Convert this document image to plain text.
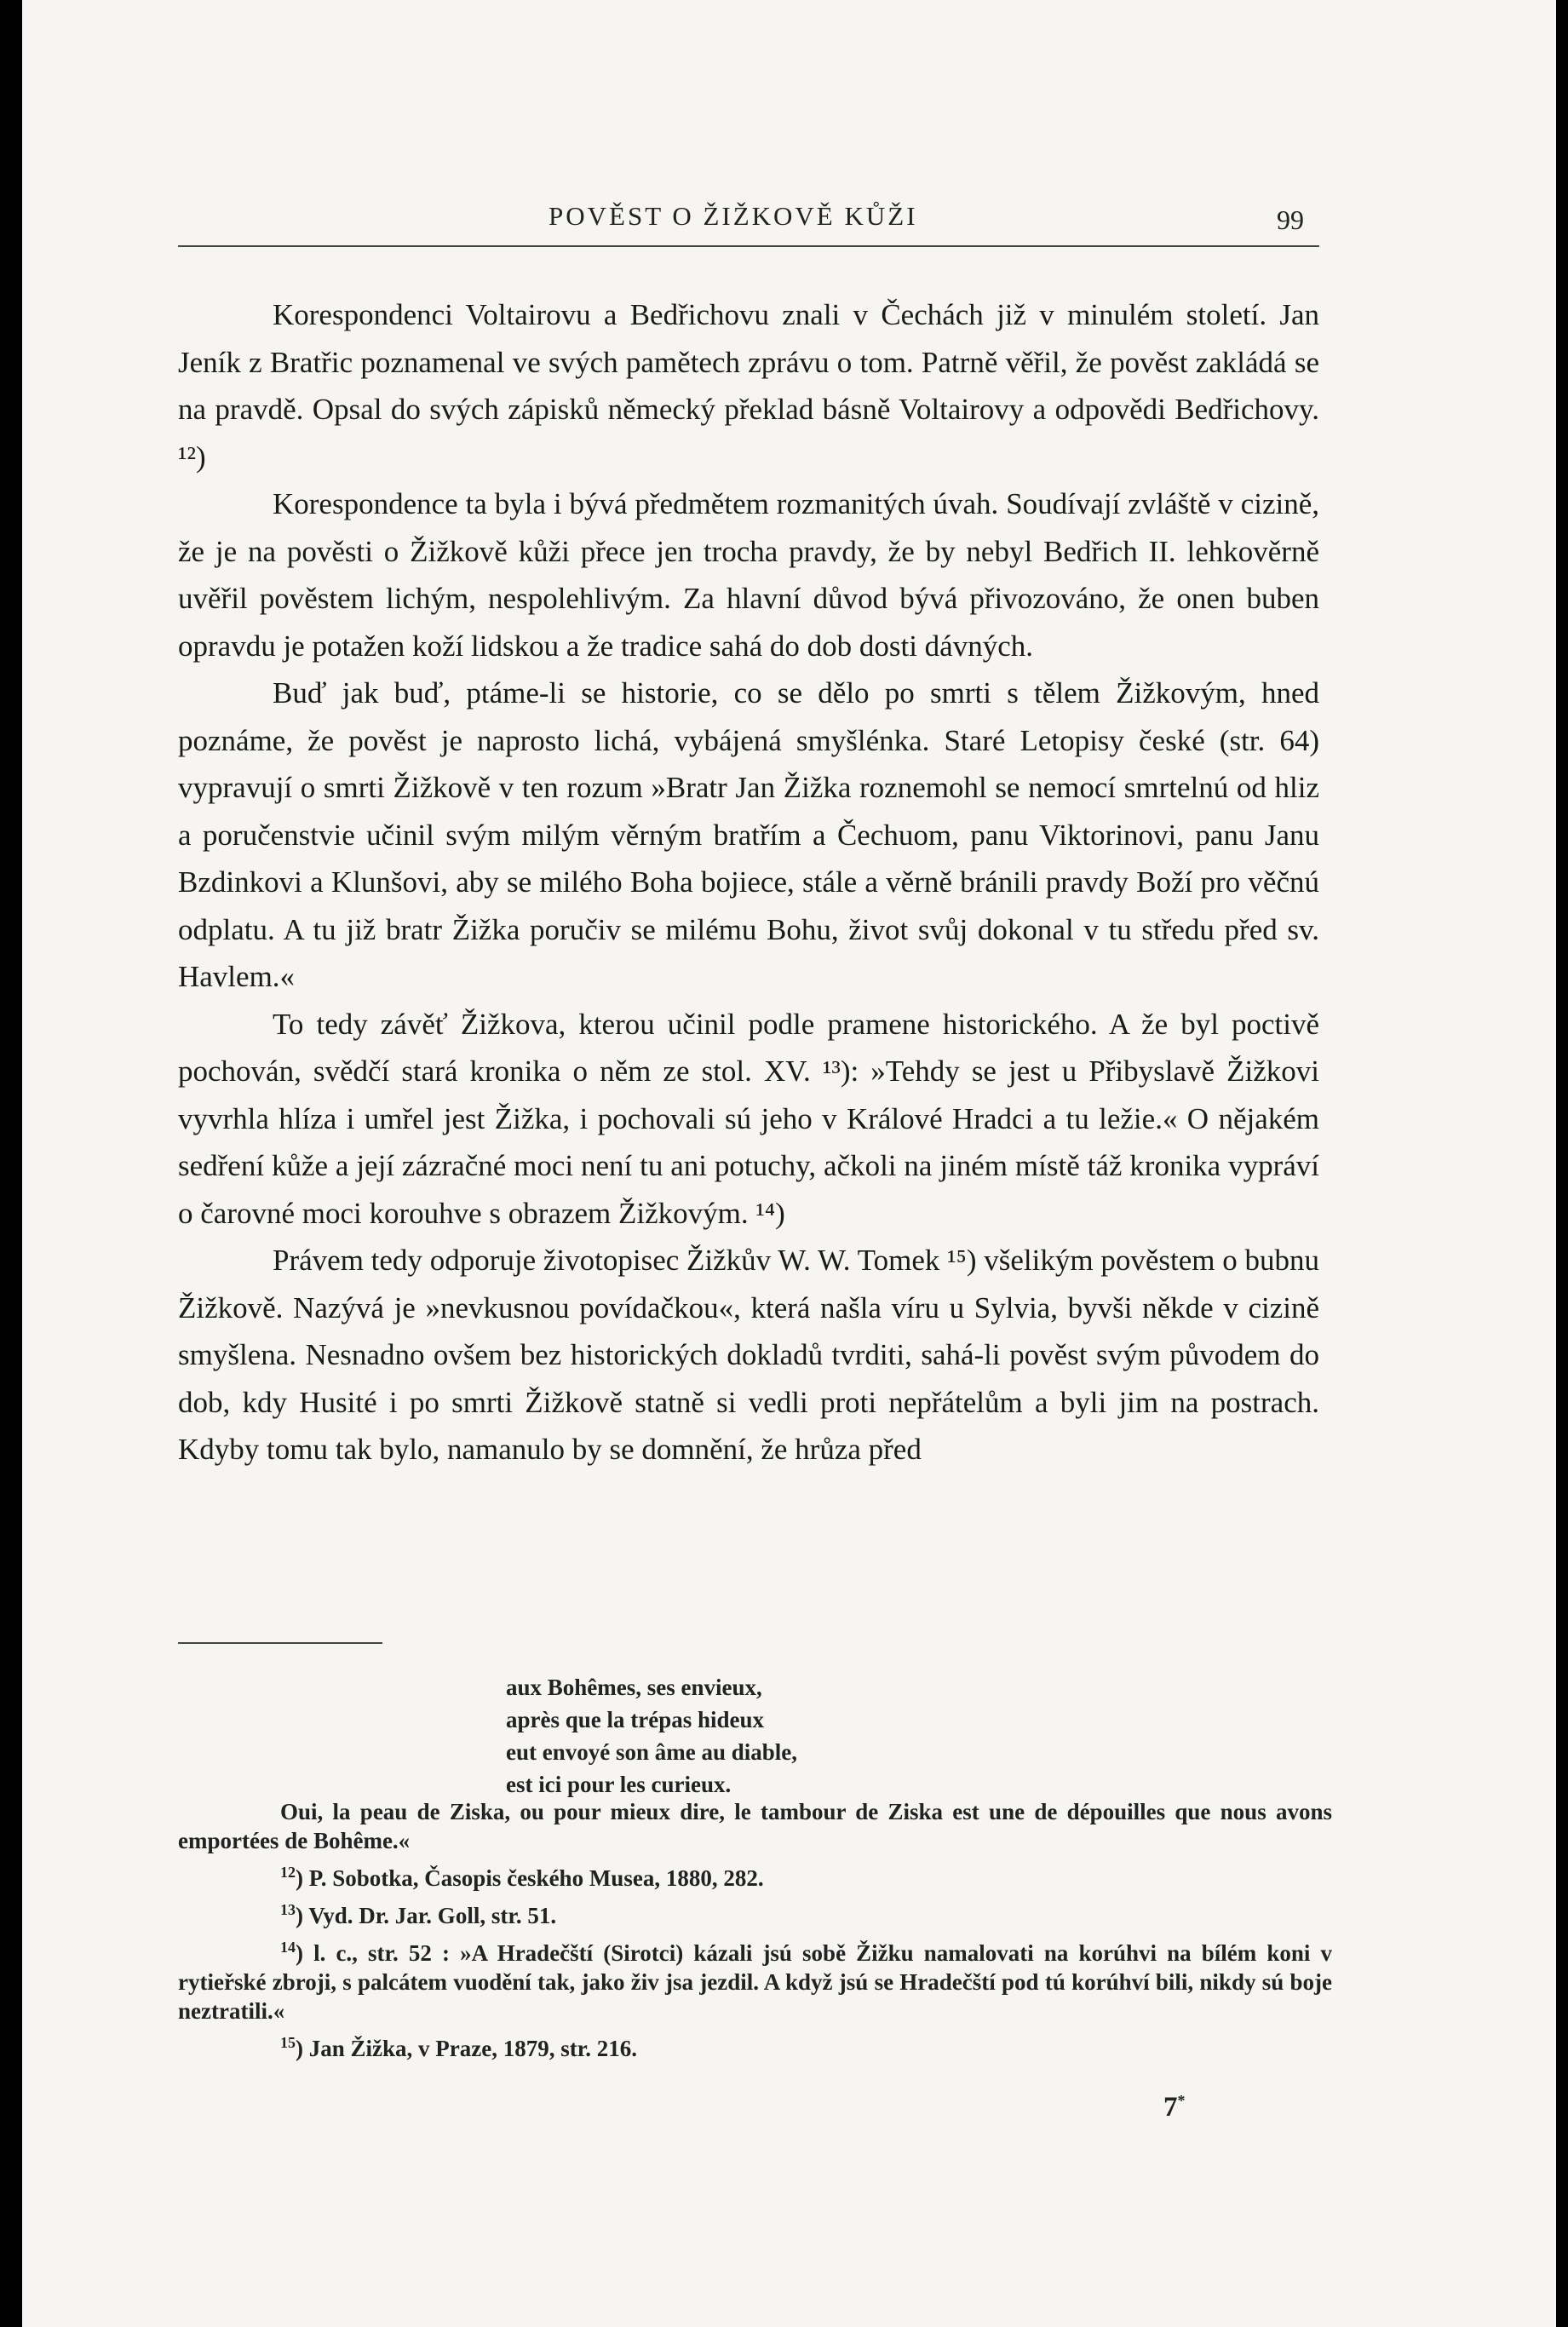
POVĚST O ŽIŽKOVĚ KŮŽI	99

Korespondenci Voltairovu a Bedřichovu znali v Čechách již v minulém století. Jan Jeník z Bratřic poznamenal ve svých pamětech zprávu o tom. Patrně věřil, že pověst zakládá se na pravdě. Opsal do svých zápisků německý překlad básně Voltairovy a odpovědi Bedřichovy. ¹²)

Korespondence ta byla i bývá předmětem rozmanitých úvah. Soudívají zvláště v cizině, že je na pověsti o Žižkově kůži přece jen trocha pravdy, že by nebyl Bedřich II. lehkověrně uvěřil pověstem lichým, nespolehlivým. Za hlavní důvod bývá přivozováno, že onen buben opravdu je potažen koží lidskou a že tradice sahá do dob dosti dávných.

Buď jak buď, ptáme-li se historie, co se dělo po smrti s tělem Žižkovým, hned poznáme, že pověst je naprosto lichá, vybájená smyšlénka. Staré Letopisy české (str. 64) vypravují o smrti Žižkově v ten rozum »Bratr Jan Žižka roznemohl se nemocí smrtelnú od hliz a poručenstvie učinil svým milým věrným bratřím a Čechuom, panu Viktorinovi, panu Janu Bzdinkovi a Klunšovi, aby se milého Boha bojiece, stále a věrně bránili pravdy Boží pro věčnú odplatu. A tu již bratr Žižka poručiv se milému Bohu, život svůj dokonal v tu středu před sv. Havlem.«

To tedy závěť Žižkova, kterou učinil podle pramene historického. A že byl poctivě pochován, svědčí stará kronika o něm ze stol. XV. ¹³): »Tehdy se jest u Přibyslavě Žižkovi vyvrhla hlíza i umřel jest Žižka, i pochovali sú jeho v Králové Hradci a tu ležie.« O nějakém sedření kůže a její zázračné moci není tu ani potuchy, ačkoli na jiném místě táž kronika vypráví o čarovné moci korouhve s obrazem Žižkovým. ¹⁴)

Právem tedy odporuje životopisec Žižkův W. W. Tomek ¹⁵) všelikým pověstem o bubnu Žižkově. Nazývá je »nevkusnou povídačkou«, která našla víru u Sylvia, byvši někde v cizině smyšlena. Nesnadno ovšem bez historických dokladů tvrditi, sahá-li pověst svým původem do dob, kdy Husité i po smrti Žižkově statně si vedli proti nepřátelům a byli jim na postrach. Kdyby tomu tak bylo, namanulo by se domnění, že hrůza před

aux Bohêmes, ses envieux,
après que la trépas hideux
eut envoyé son âme au diable,
est ici pour les curieux.

Oui, la peau de Ziska, ou pour mieux dire, le tambour de Ziska est une de dépouilles que nous avons emportées de Bohême.«

$^{12}$) P. Sobotka, Časopis českého Musea, 1880, 282.

$^{13}$) Vyd. Dr. Jar. Goll, str. 51.

$^{14}$) l. c., str. 52 : »A Hradečští (Sirotci) kázali jsú sobě Žižku namalovati na korúhvi na bílém koni v rytieřské zbroji, s palcátem vuodění tak, jako živ jsa jezdil. A když jsú se Hradečští pod tú korúhví bili, nikdy sú boje neztratili.«

$^{15}$) Jan Žižka, v Praze, 1879, str. 216.

7*
